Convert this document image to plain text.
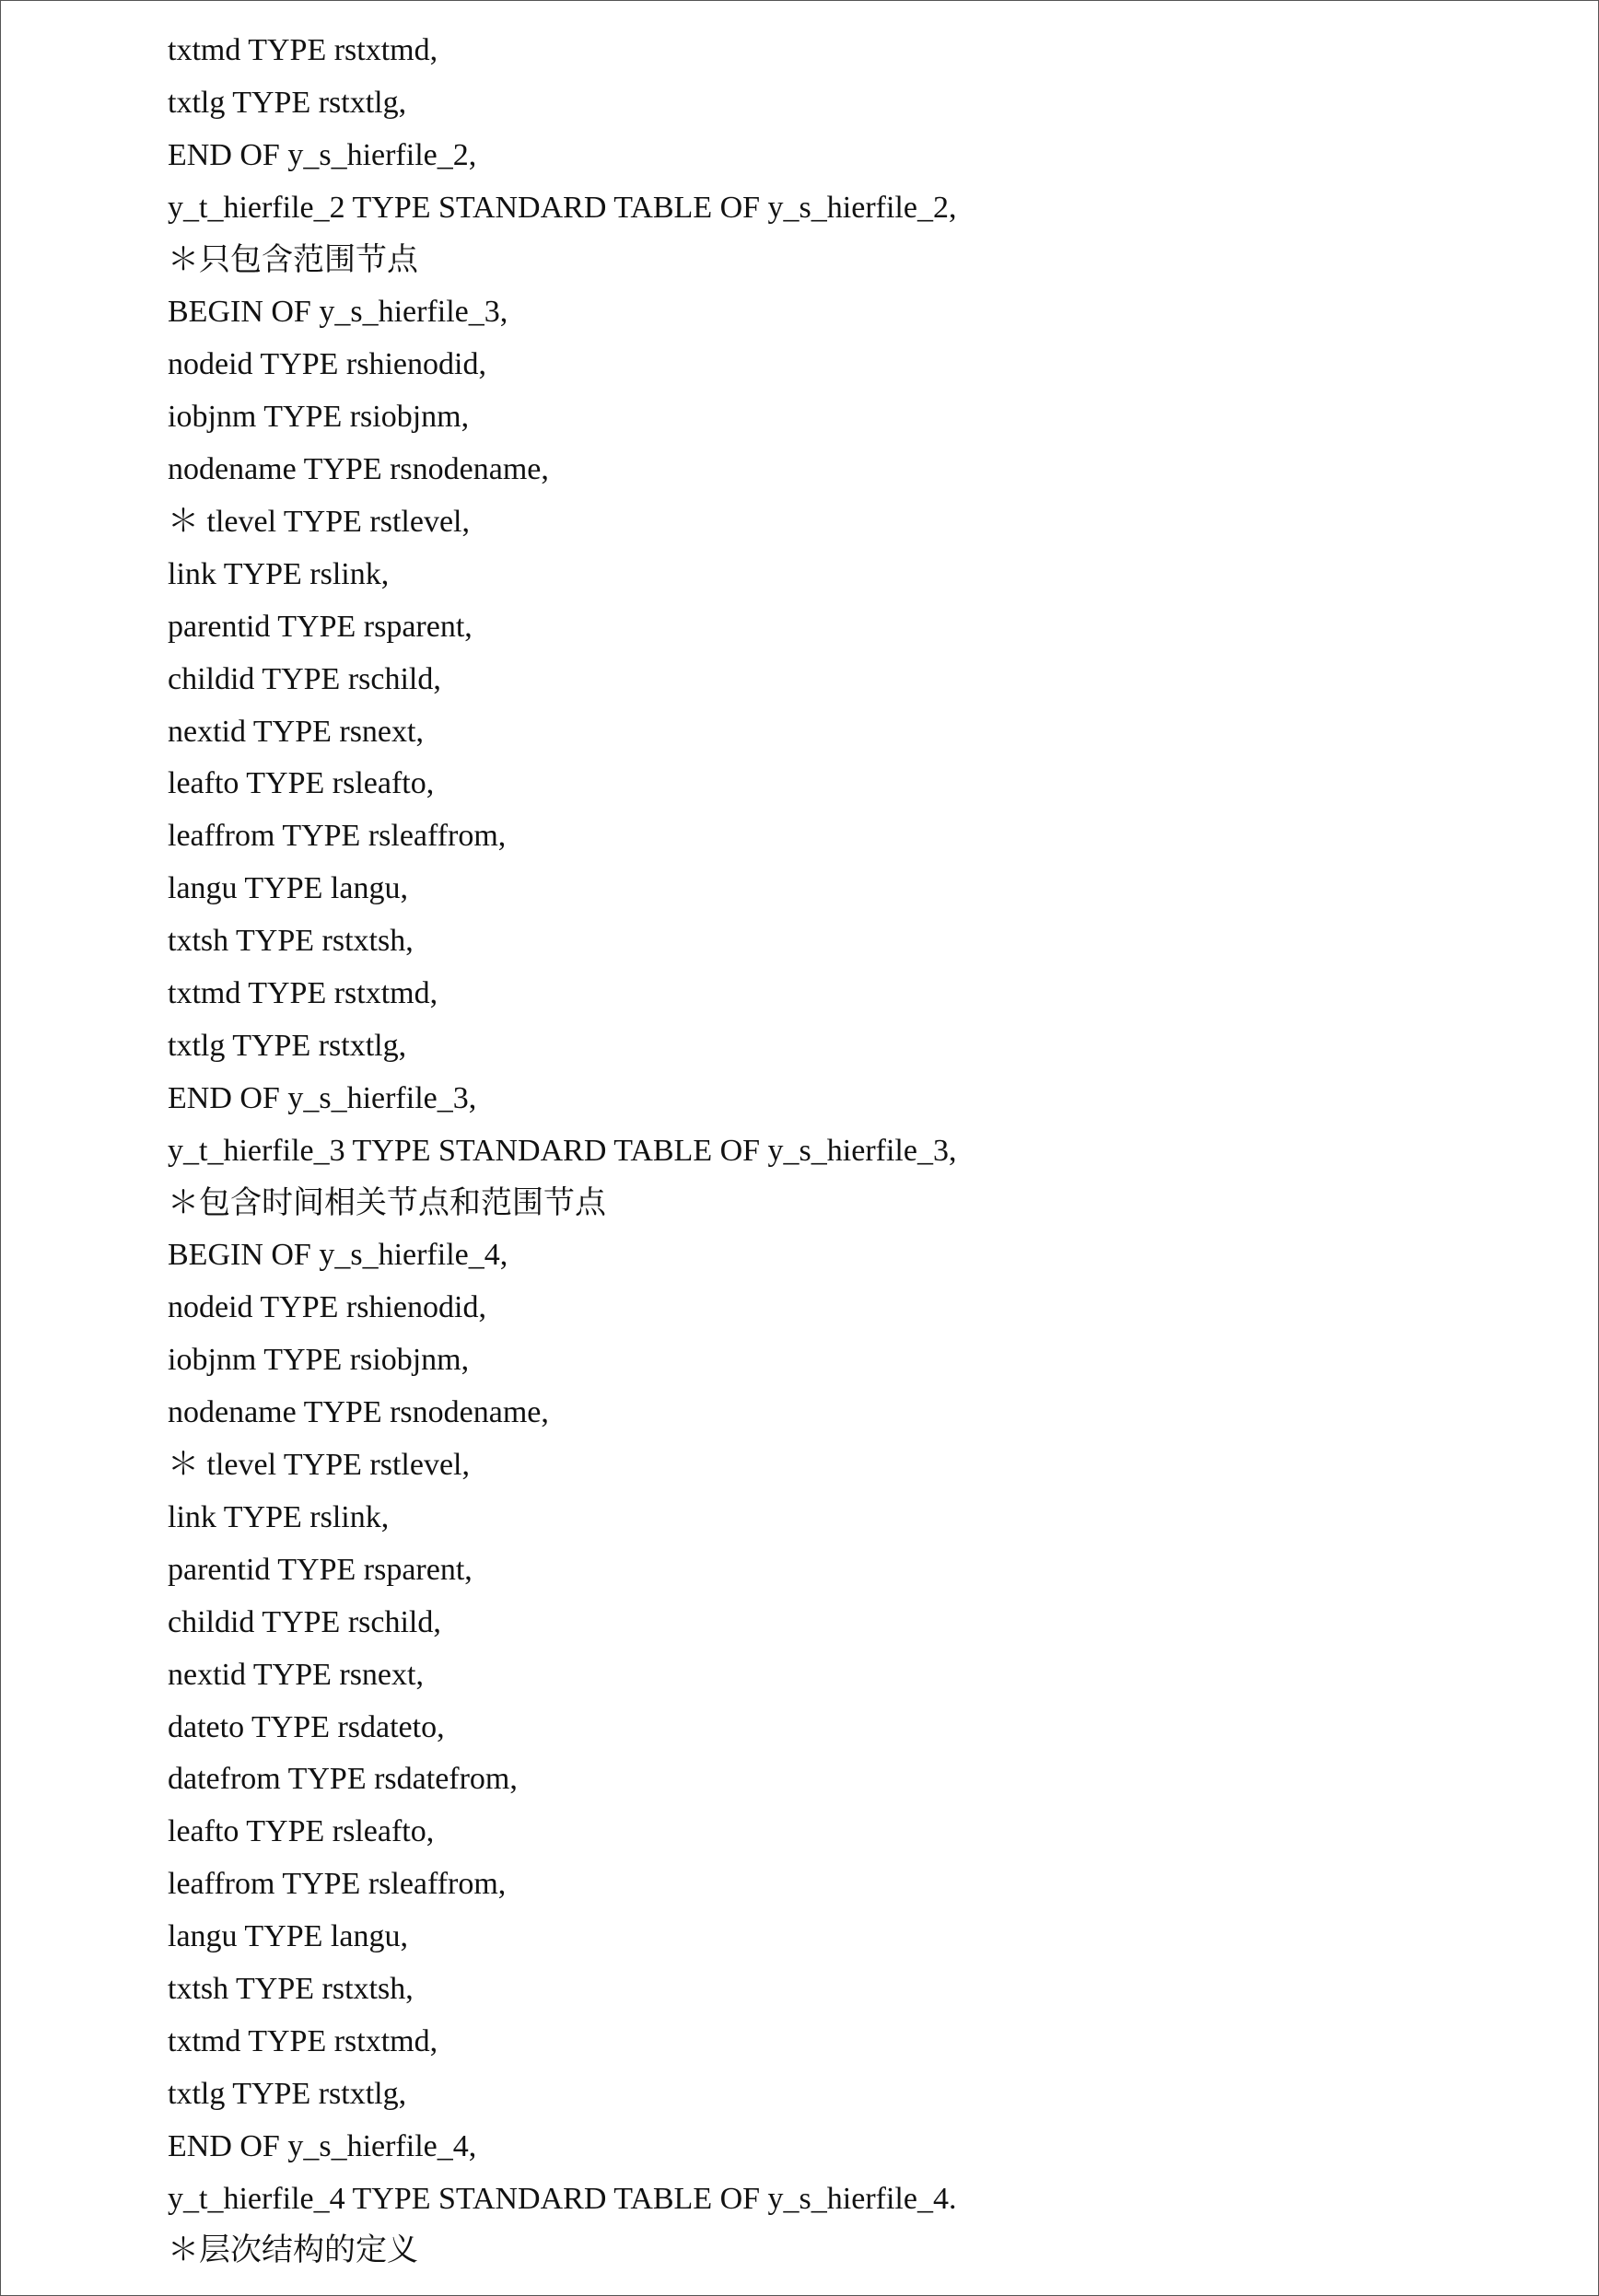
txtmd TYPE rstxtmd,
txtlg TYPE rstxtlg,
END OF y_s_hierfile_2,
y_t_hierfile_2 TYPE STANDARD TABLE OF y_s_hierfile_2,
＊只包含范围节点
BEGIN OF y_s_hierfile_3,
nodeid TYPE rshienodid,
iobjnm TYPE rsiobjnm,
nodename TYPE rsnodename,
＊ tlevel TYPE rstlevel,
link TYPE rslink,
parentid TYPE rsparent,
childid TYPE rschild,
nextid TYPE rsnext,
leafto TYPE rsleafto,
leaffrom TYPE rsleaffrom,
langu TYPE langu,
txtsh TYPE rstxtsh,
txtmd TYPE rstxtmd,
txtlg TYPE rstxtlg,
END OF y_s_hierfile_3,
y_t_hierfile_3 TYPE STANDARD TABLE OF y_s_hierfile_3,
＊包含时间相关节点和范围节点
BEGIN OF y_s_hierfile_4,
nodeid TYPE rshienodid,
iobjnm TYPE rsiobjnm,
nodename TYPE rsnodename,
＊ tlevel TYPE rstlevel,
link TYPE rslink,
parentid TYPE rsparent,
childid TYPE rschild,
nextid TYPE rsnext,
dateto TYPE rsdateto,
datefrom TYPE rsdatefrom,
leafto TYPE rsleafto,
leaffrom TYPE rsleaffrom,
langu TYPE langu,
txtsh TYPE rstxtsh,
txtmd TYPE rstxtmd,
txtlg TYPE rstxtlg,
END OF y_s_hierfile_4,
y_t_hierfile_4 TYPE STANDARD TABLE OF y_s_hierfile_4.
＊层次结构的定义
